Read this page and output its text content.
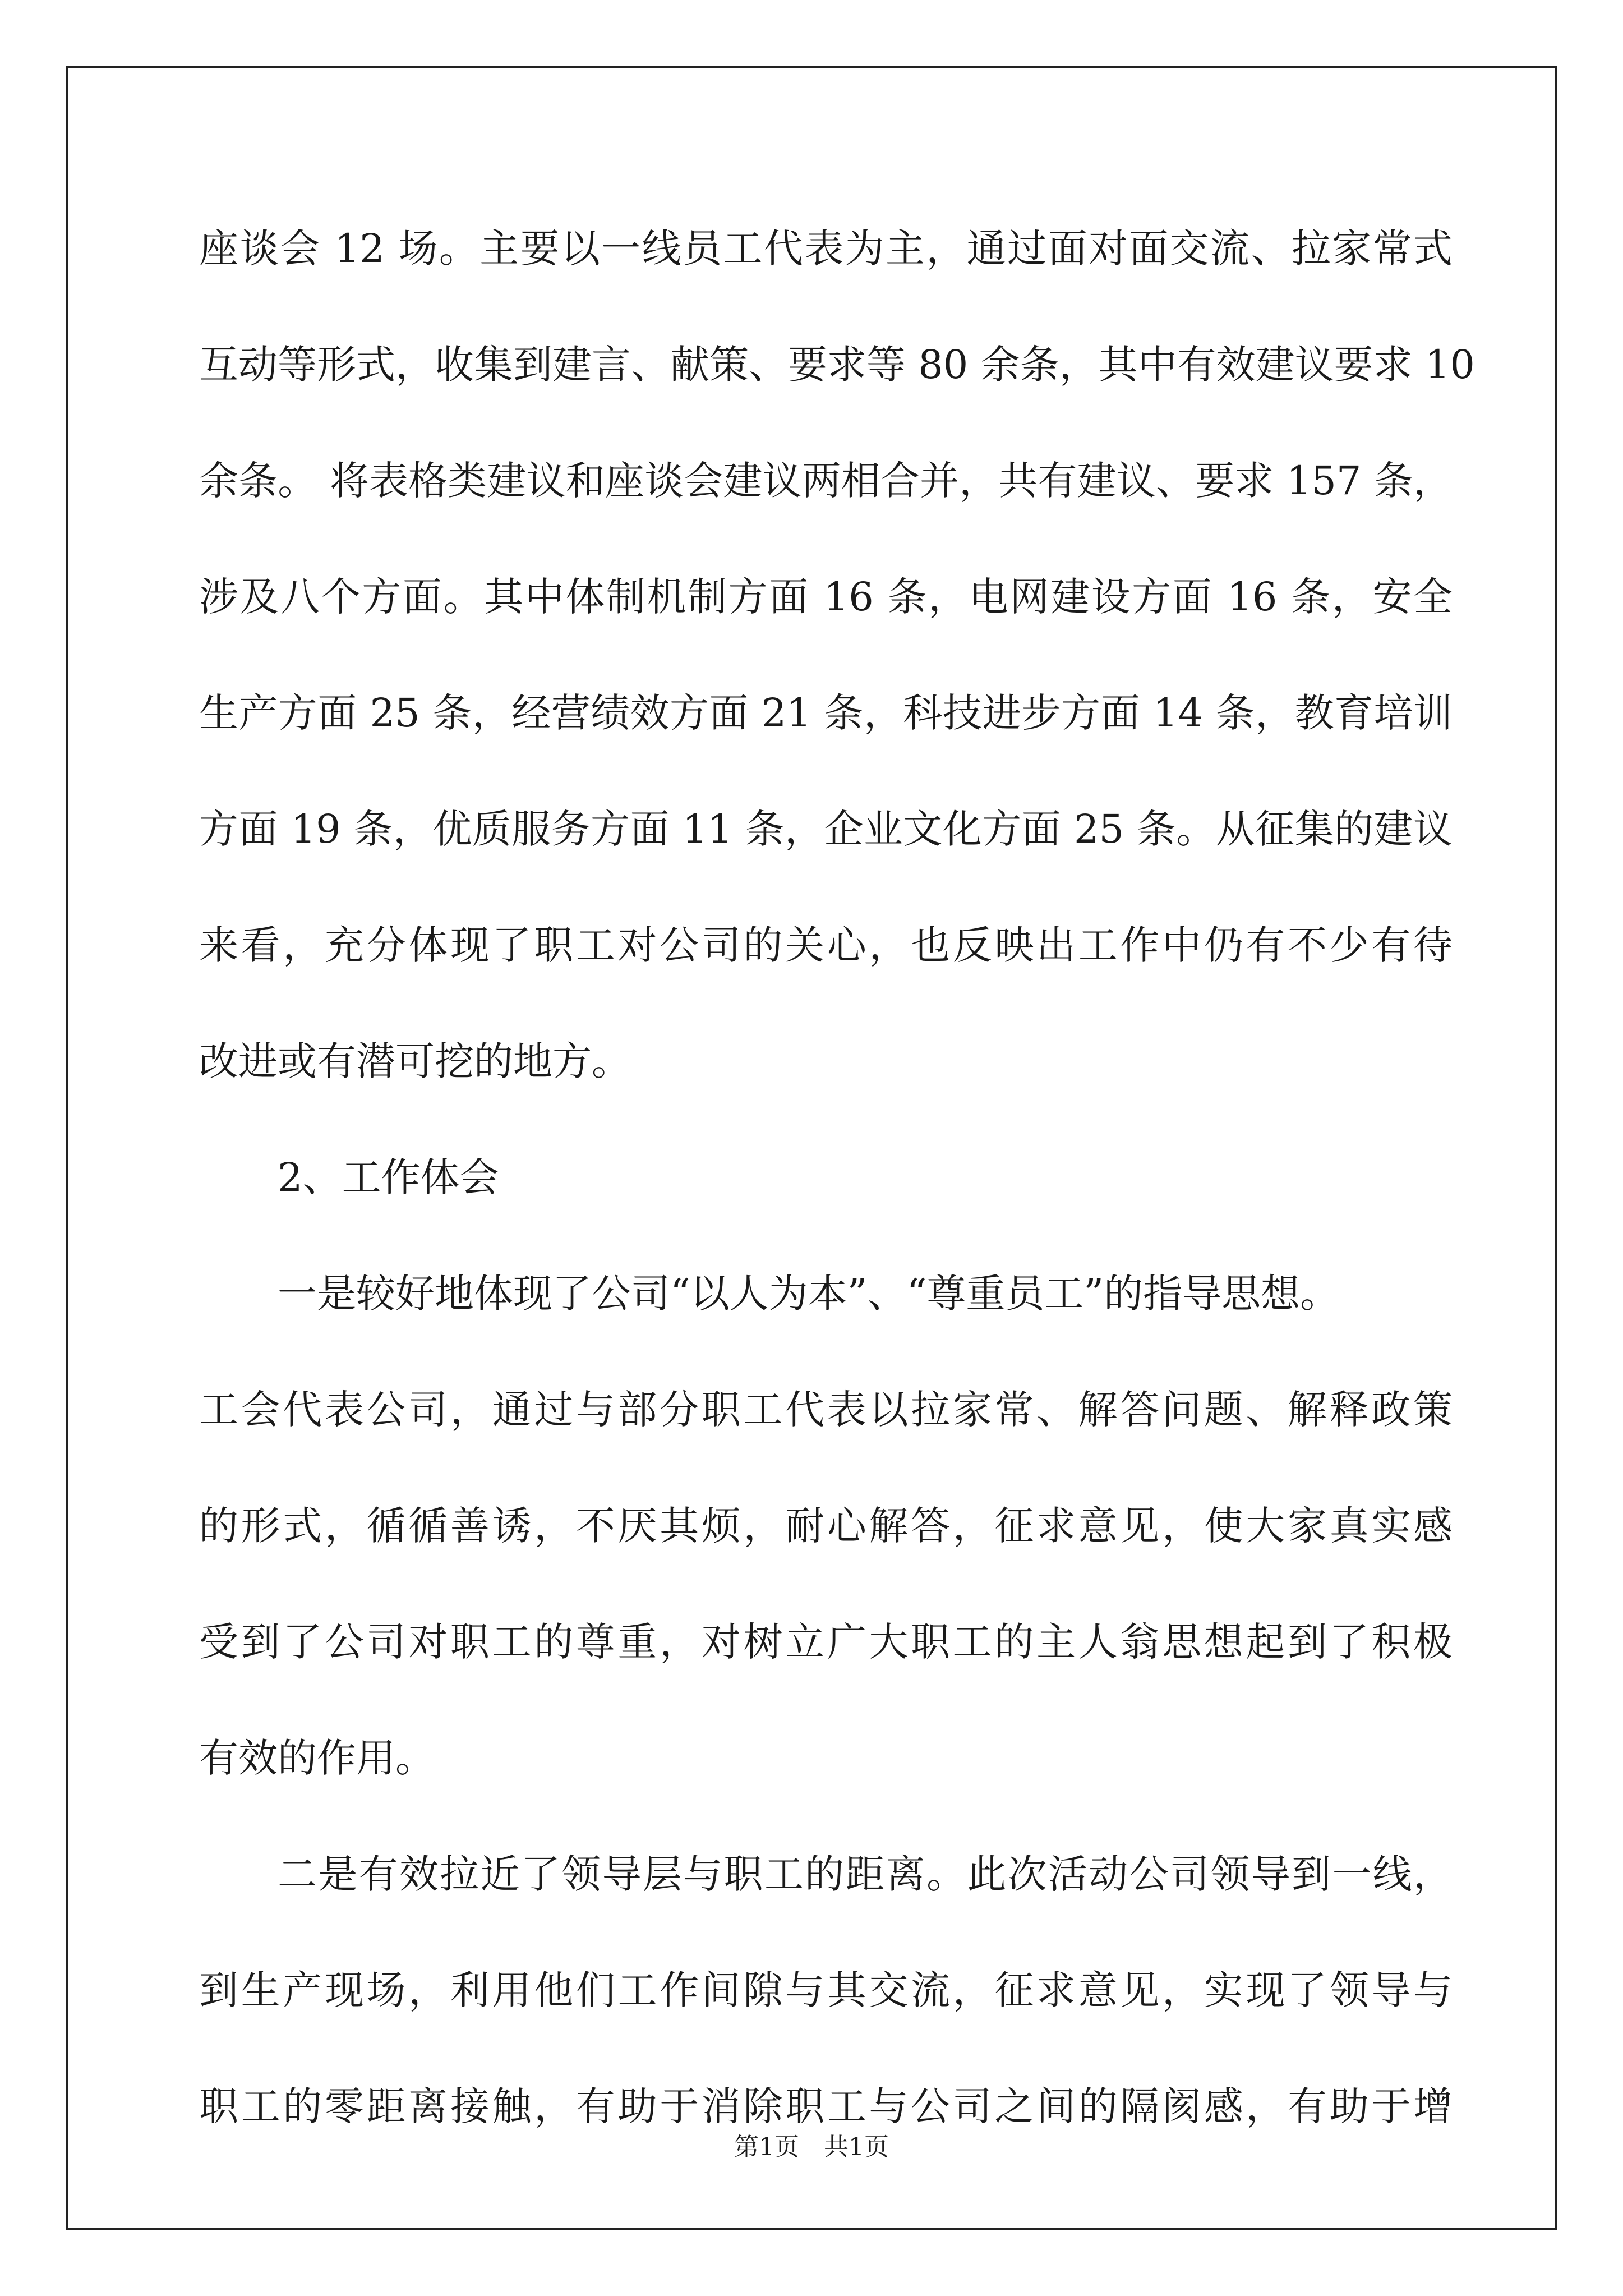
座谈会 12 场。主要以一线员工代表为主，通过面对面交流、拉家常式
互动等形式，收集到建言、献策、要求等 80 余条，其中有效建议要求 10
余条。 将表格类建议和座谈会建议两相合并，共有建议、要求 157 条，
涉及八个方面。其中体制机制方面 16 条，电网建设方面 16 条，安全
生产方面 25 条，经营绩效方面 21 条，科技进步方面 14 条，教育培训
方面 19 条，优质服务方面 11 条，企业文化方面 25 条。从征集的建议
来看，充分体现了职工对公司的关心，也反映出工作中仍有不少有待
改进或有潜可挖的地方。
2、工作体会
一是较好地体现了公司“以人为本”、“尊重员工”的指导思想。
工会代表公司，通过与部分职工代表以拉家常、解答问题、解释政策
的形式，循循善诱，不厌其烦，耐心解答，征求意见，使大家真实感
受到了公司对职工的尊重，对树立广大职工的主人翁思想起到了积极
有效的作用。
二是有效拉近了领导层与职工的距离。此次活动公司领导到一线，
到生产现场，利用他们工作间隙与其交流，征求意见，实现了领导与
职工的零距离接触，有助于消除职工与公司之间的隔阂感，有助于增
第1页　共1页
